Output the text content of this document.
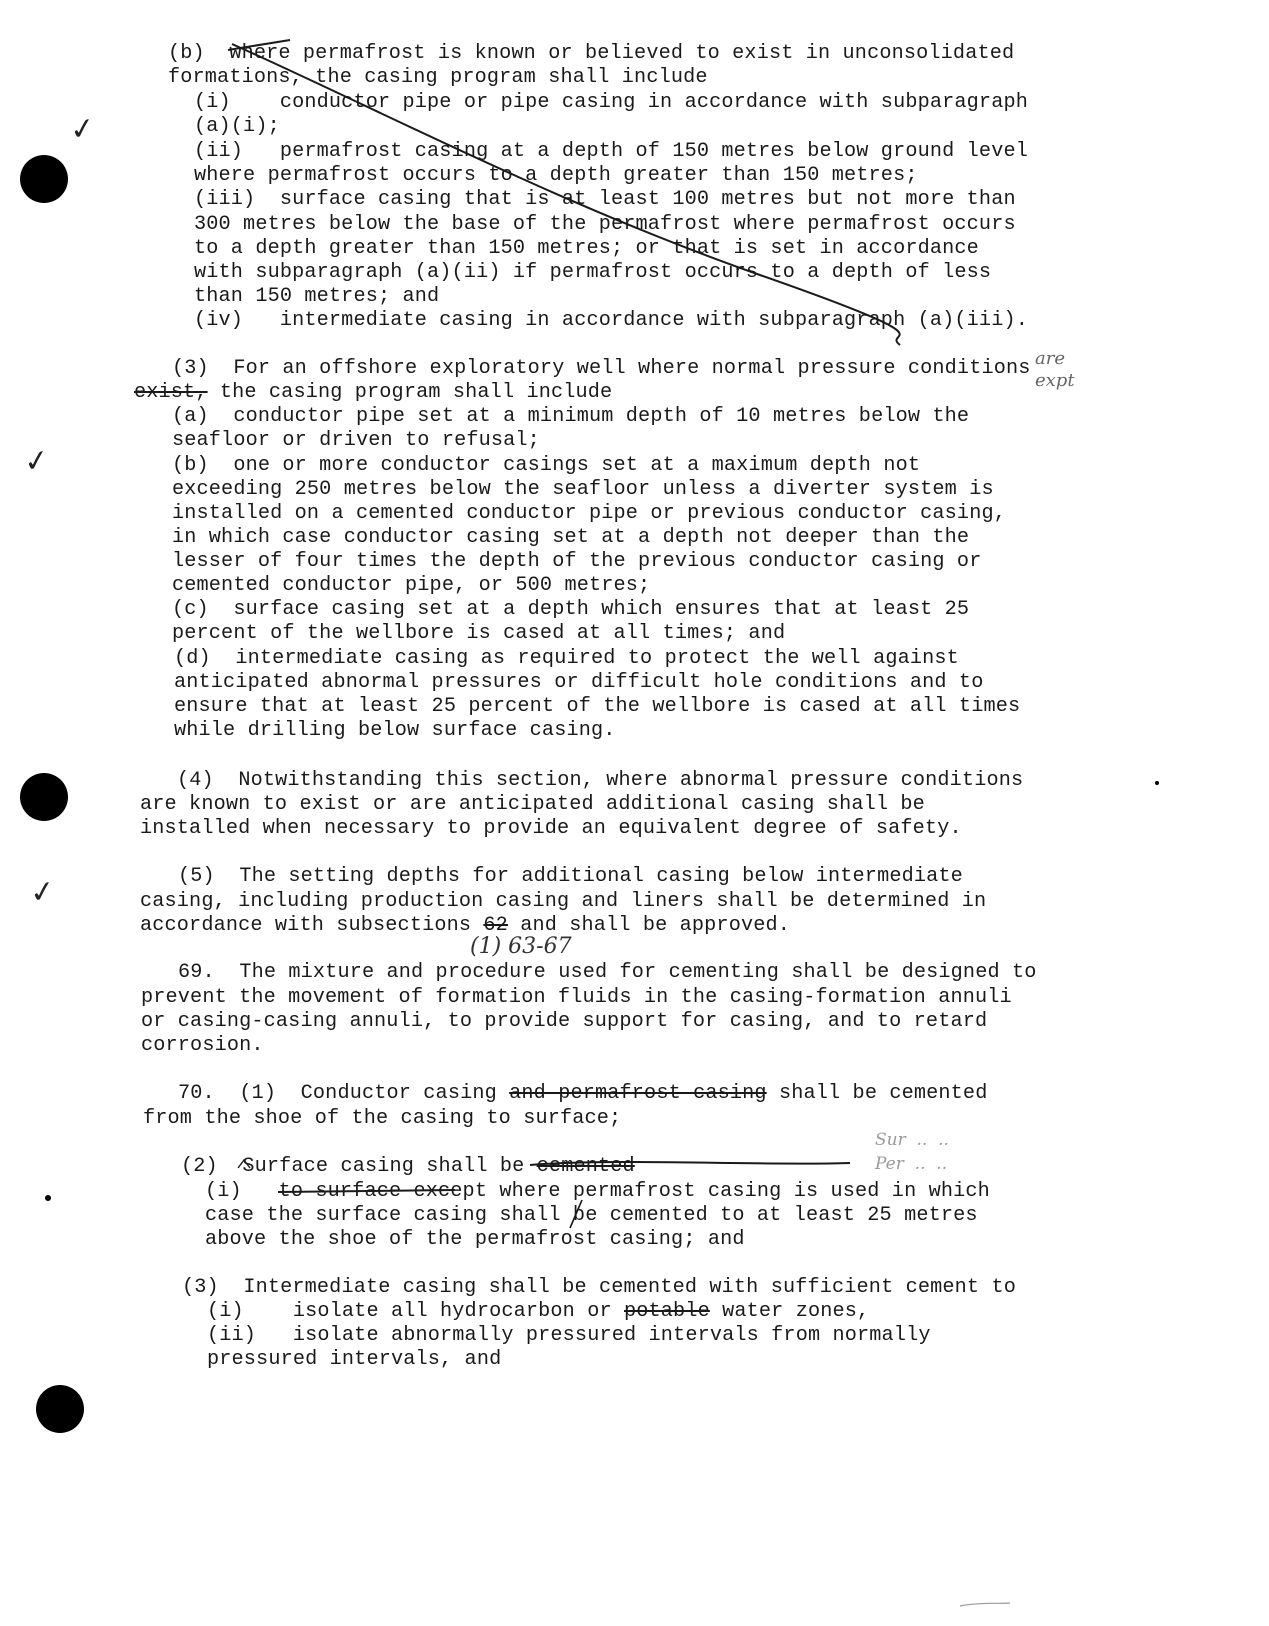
✓
✓
✓
(b)  where permafrost is known or believed to exist in unconsolidated
formations, the casing program shall include
(i)    conductor pipe or pipe casing in accordance with subparagraph
(a)(i);
(ii)   permafrost casing at a depth of 150 metres below ground level
where permafrost occurs to a depth greater than 150 metres;
(iii)  surface casing that is at least 100 metres but not more than
300 metres below the base of the permafrost where permafrost occurs
to a depth greater than 150 metres; or that is set in accordance
with subparagraph (a)(ii) if permafrost occurs to a depth of less
than 150 metres; and
(iv)   intermediate casing in accordance with subparagraph (a)(iii).
(3)  For an offshore exploratory well where normal pressure conditions
exist, the casing program shall include
(a)  conductor pipe set at a minimum depth of 10 metres below the
seafloor or driven to refusal;
(b)  one or more conductor casings set at a maximum depth not
exceeding 250 metres below the seafloor unless a diverter system is
installed on a cemented conductor pipe or previous conductor casing,
in which case conductor casing set at a depth not deeper than the
lesser of four times the depth of the previous conductor casing or
cemented conductor pipe, or 500 metres;
(c)  surface casing set at a depth which ensures that at least 25
percent of the wellbore is cased at all times; and
(d)  intermediate casing as required to protect the well against
anticipated abnormal pressures or difficult hole conditions and to
ensure that at least 25 percent of the wellbore is cased at all times
while drilling below surface casing.
(4)  Notwithstanding this section, where abnormal pressure conditions
are known to exist or are anticipated additional casing shall be
installed when necessary to provide an equivalent degree of safety.
(5)  The setting depths for additional casing below intermediate
casing, including production casing and liners shall be determined in
accordance with subsections 62 and shall be approved.
(1) 63-67
69.  The mixture and procedure used for cementing shall be designed to
prevent the movement of formation fluids in the casing-formation annuli
or casing-casing annuli, to provide support for casing, and to retard
corrosion.
70.  (1)  Conductor casing and permafrost casing shall be cemented
from the shoe of the casing to surface;
(2)  Surface casing shall be cemented
(i)   to surface except where permafrost casing is used in which
case the surface casing shall be cemented to at least 25 metres
above the shoe of the permafrost casing; and
(3)  Intermediate casing shall be cemented with sufficient cement to
(i)    isolate all hydrocarbon or potable water zones,
(ii)   isolate abnormally pressured intervals from normally
pressured intervals, and
are
expt
Sur  ..  ..
Per  ..  ..
